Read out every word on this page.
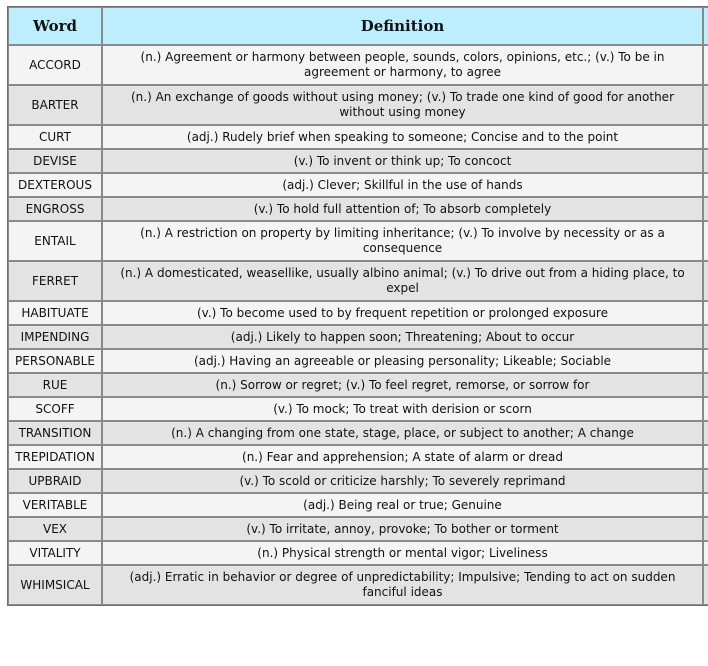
Word	Definition	
ACCORD	(n.) Agreement or harmony between people, sounds, colors, opinions, etc.; (v.) To be in agreement or harmony, to agree	
BARTER	(n.) An exchange of goods without using money; (v.) To trade one kind of good for another without using money	
CURT	(adj.) Rudely brief when speaking to someone; Concise and to the point	
DEVISE	(v.) To invent or think up; To concoct	
DEXTEROUS	(adj.) Clever; Skillful in the use of hands	
ENGROSS	(v.) To hold full attention of; To absorb completely	
ENTAIL	(n.) A restriction on property by limiting inheritance; (v.) To involve by necessity or as a consequence	
FERRET	(n.) A domesticated, weasellike, usually albino animal; (v.) To drive out from a hiding place, to expel	
HABITUATE	(v.) To become used to by frequent repetition or prolonged exposure	
IMPENDING	(adj.) Likely to happen soon; Threatening; About to occur	
PERSONABLE	(adj.) Having an agreeable or pleasing personality; Likeable; Sociable	
RUE	(n.) Sorrow or regret; (v.) To feel regret, remorse, or sorrow for	
SCOFF	(v.) To mock; To treat with derision or scorn	
TRANSITION	(n.) A changing from one state, stage, place, or subject to another; A change	
TREPIDATION	(n.) Fear and apprehension; A state of alarm or dread	
UPBRAID	(v.) To scold or criticize harshly; To severely reprimand	
VERITABLE	(adj.) Being real or true; Genuine	
VEX	(v.) To irritate, annoy, provoke; To bother or torment	
VITALITY	(n.) Physical strength or mental vigor; Liveliness	
WHIMSICAL	(adj.) Erratic in behavior or degree of unpredictability; Impulsive; Tending to act on sudden fanciful ideas	
